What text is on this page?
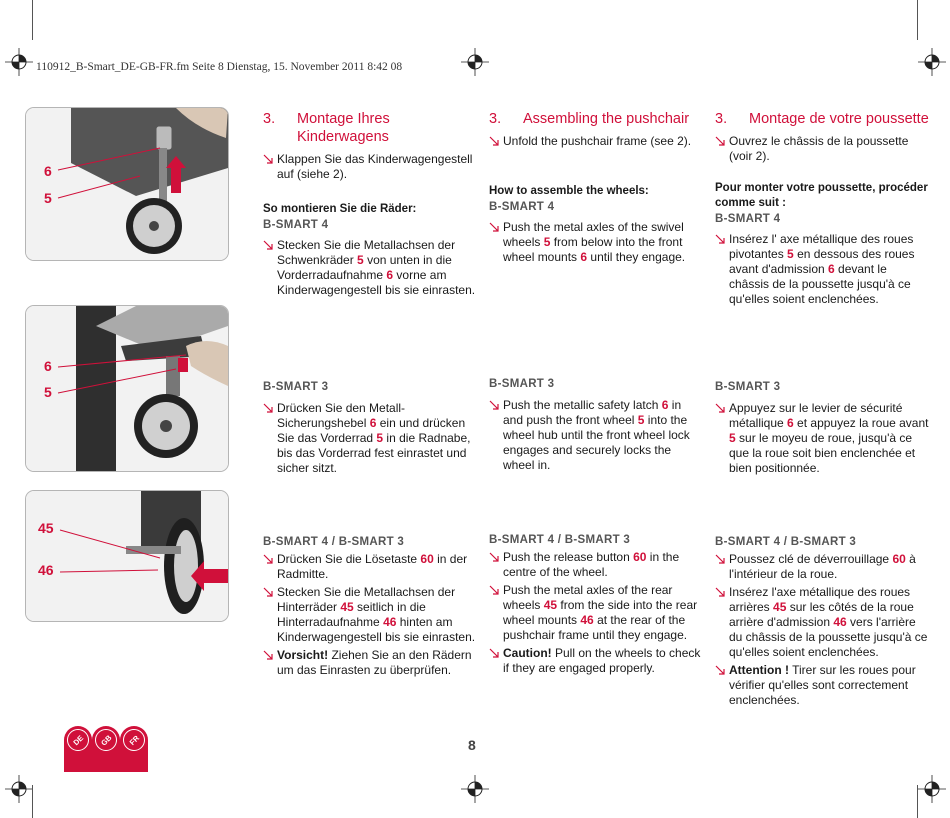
110912_B-Smart_DE-GB-FR.fm Seite 8 Dienstag, 15. November 2011 8:42 08
6
5
6
5
45
46
3. Montage Ihres Kinderwagens

Klappen Sie das Kinderwagengestell auf (siehe 2).

So montieren Sie die Räder:
B-SMART 4

Stecken Sie die Metallachsen der Schwenkräder 5 von unten in die Vorderradaufnahme 6 vorne am Kinderwagengestell bis sie einrasten.

B-SMART 3

Drücken Sie den Metall-Sicherungshebel 6 ein und drücken Sie das Vorderrad 5 in die Radnabe, bis das Vorderrad fest einrastet und sicher sitzt.

B-SMART 4 / B-SMART 3

Drücken Sie die Lösetaste 60 in der Radmitte.

Stecken Sie die Metallachsen der Hinterräder 45 seitlich in die Hinterradaufnahme 46 hinten am Kinderwagengestell bis sie einrasten.

Vorsicht! Ziehen Sie an den Rädern um das Einrasten zu überprüfen.

3. Assembling the pushchair

Unfold the pushchair frame (see 2).

How to assemble the wheels:
B-SMART 4

Push the metal axles of the swivel wheels 5 from below into the front wheel mounts 6 until they engage.

B-SMART 3

Push the metallic safety latch 6 in and push the front wheel 5 into the wheel hub until the front wheel lock engages and securely locks the wheel in.

B-SMART 4 / B-SMART 3

Push the release button 60 in the centre of the wheel.

Push the metal axles of the rear wheels 45 from the side into the rear wheel mounts 46 at the rear of the pushchair frame until they engage.

Caution! Pull on the wheels to check if they are engaged properly.

3. Montage de votre poussette

Ouvrez le châssis de la poussette (voir 2).

Pour monter votre poussette, procéder comme suit :
B-SMART 4

Insérez l' axe métallique des roues pivotantes 5 en dessous des roues avant d'admission 6 devant le châssis de la poussette jusqu'à ce qu'elles soient enclenchées.

B-SMART 3

Appuyez sur le levier de sécurité métallique 6 et appuyez la roue avant 5 sur le moyeu de roue, jusqu'à ce que la roue soit bien enclenchée et bien positionnée.

B-SMART 4 / B-SMART 3

Poussez clé de déverrouillage 60 à l'intérieur de la roue.

Insérez l'axe métallique des roues arrières 45 sur les côtés de la roue arrière d'admission 46 vers l'arrière du châssis de la poussette jusqu'à ce qu'elles soient enclenchées.

Attention ! Tirer sur les roues pour vérifier qu'elles sont correctement enclenchées.

8
DE	GB	FR
